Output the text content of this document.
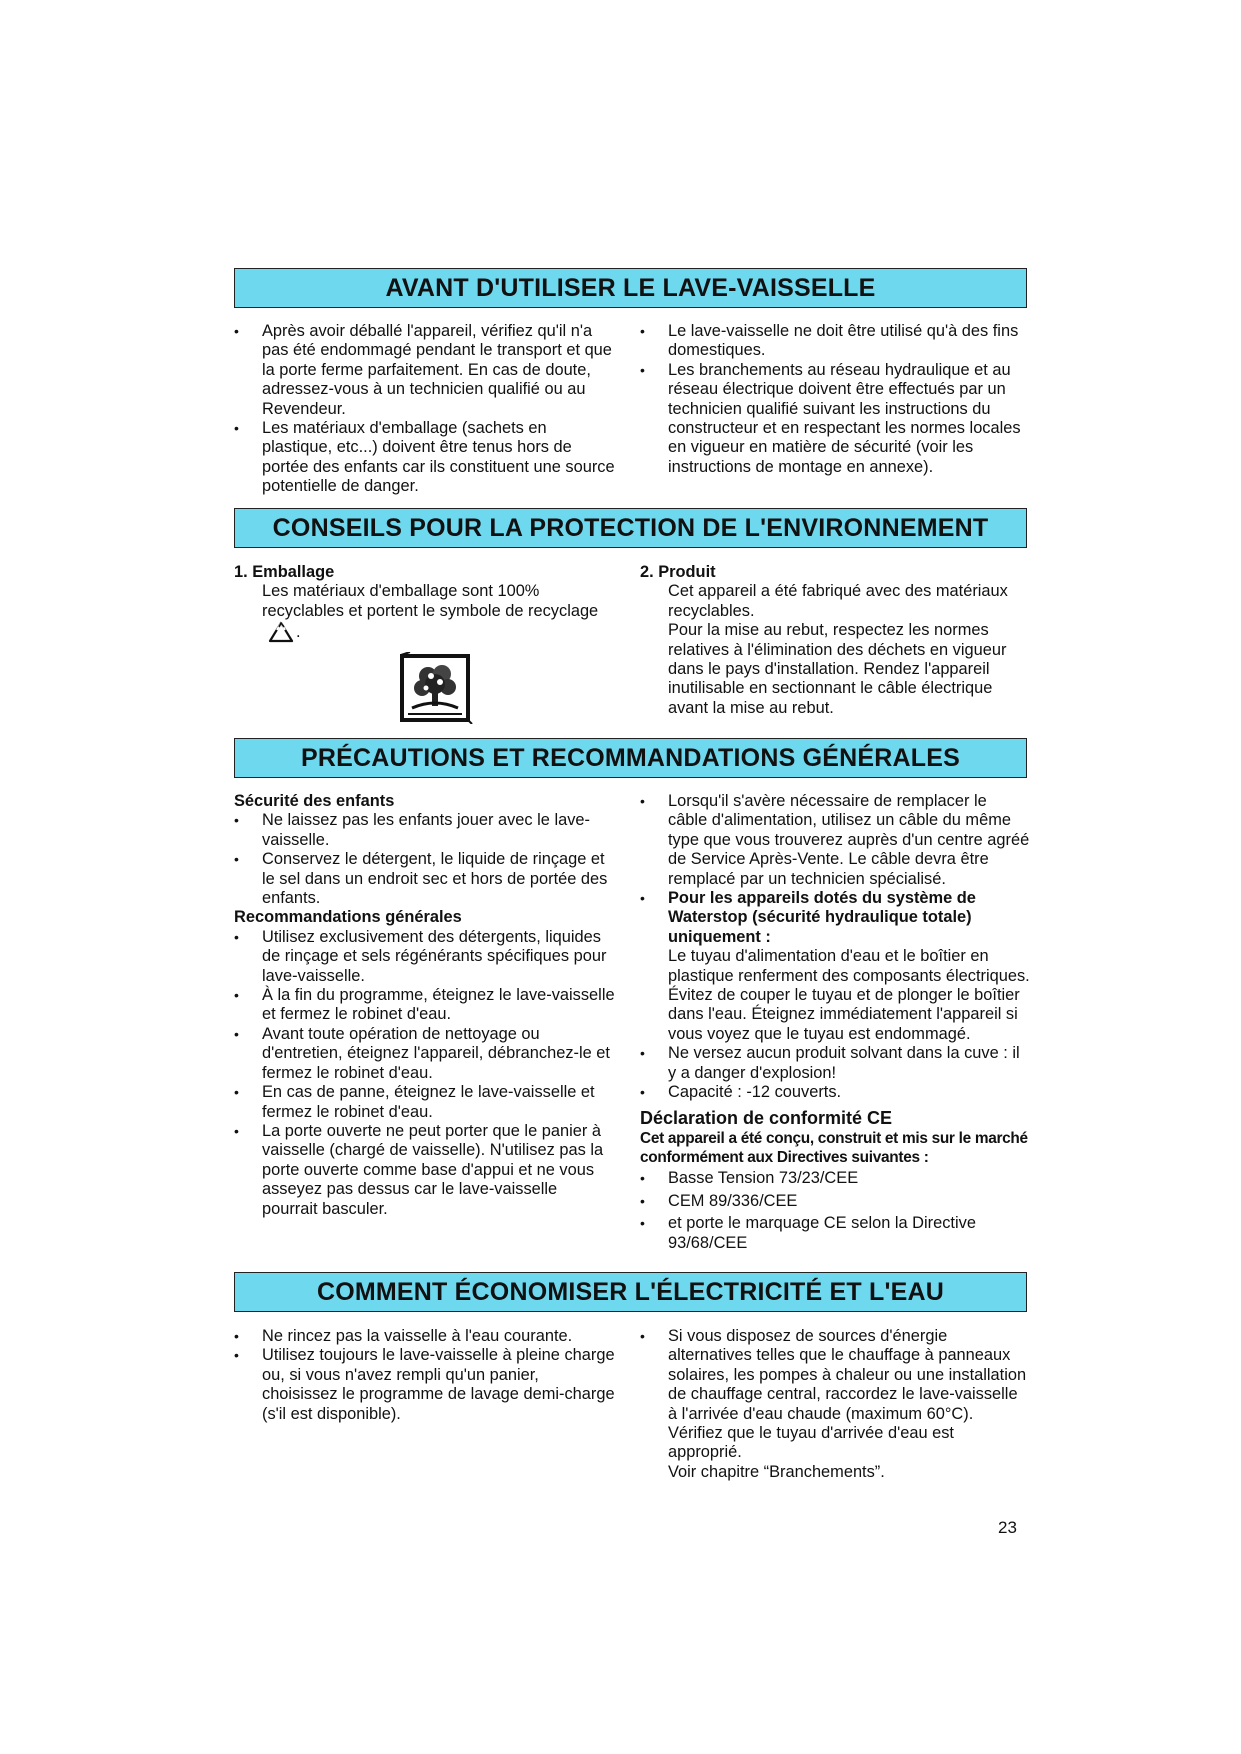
AVANT D'UTILISER LE LAVE-VAISSELLE
• Après avoir déballé l'appareil, vérifiez qu'il n'a pas été endommagé pendant le transport et que la porte ferme parfaitement. En cas de doute, adressez-vous à un technicien qualifié ou au Revendeur.
• Les matériaux d'emballage (sachets en plastique, etc...) doivent être tenus hors de portée des enfants car ils constituent une source potentielle de danger.
• Le lave-vaisselle ne doit être utilisé qu'à des fins domestiques.
• Les branchements au réseau hydraulique et au réseau électrique doivent être effectués par un technicien qualifié suivant les instructions du constructeur et en respectant les normes locales en vigueur en matière de sécurité (voir les instructions de montage en annexe).
CONSEILS POUR LA PROTECTION DE L'ENVIRONNEMENT
1. Emballage
Les matériaux d'emballage sont 100% recyclables et portent le symbole de recyclage .
2. Produit
Cet appareil a été fabriqué avec des matériaux recyclables.
Pour la mise au rebut, respectez les normes relatives à l'élimination des déchets en vigueur dans le pays d'installation. Rendez l'appareil inutilisable en sectionnant le câble électrique avant la mise au rebut.
PRÉCAUTIONS ET RECOMMANDATIONS GÉNÉRALES
Sécurité des enfants
• Ne laissez pas les enfants jouer avec le lave-vaisselle.
• Conservez le détergent, le liquide de rinçage et le sel dans un endroit sec et hors de portée des enfants.
Recommandations générales
• Utilisez exclusivement des détergents, liquides de rinçage et sels régénérants spécifiques pour lave-vaisselle.
• À la fin du programme, éteignez le lave-vaisselle et fermez le robinet d'eau.
• Avant toute opération de nettoyage ou d'entretien, éteignez l'appareil, débranchez-le et fermez le robinet d'eau.
• En cas de panne, éteignez le lave-vaisselle et fermez le robinet d'eau.
• La porte ouverte ne peut porter que le panier à vaisselle (chargé de vaisselle). N'utilisez pas la porte ouverte comme base d'appui et ne vous asseyez pas dessus car le lave-vaisselle pourrait basculer.
• Lorsqu'il s'avère nécessaire de remplacer le câble d'alimentation, utilisez un câble du même type que vous trouverez auprès d'un centre agréé de Service Après-Vente. Le câble devra être remplacé par un technicien spécialisé.
• Pour les appareils dotés du système de Waterstop (sécurité hydraulique totale) uniquement :
Le tuyau d'alimentation d'eau et le boîtier en plastique renferment des composants électriques. Évitez de couper le tuyau et de plonger le boîtier dans l'eau. Éteignez immédiatement l'appareil si vous voyez que le tuyau est endommagé.
• Ne versez aucun produit solvant dans la cuve : il y a danger d'explosion!
• Capacité : -12 couverts.
Déclaration de conformité CE
Cet appareil a été conçu, construit et mis sur le marché conformément aux Directives suivantes :
• Basse Tension 73/23/CEE
• CEM 89/336/CEE
• et porte le marquage CE selon la Directive 93/68/CEE
COMMENT ÉCONOMISER L'ÉLECTRICITÉ ET L'EAU
• Ne rincez pas la vaisselle à l'eau courante.
• Utilisez toujours le lave-vaisselle à pleine charge ou, si vous n'avez rempli qu'un panier, choisissez le programme de lavage demi-charge (s'il est disponible).
• Si vous disposez de sources d'énergie alternatives telles que le chauffage à panneaux solaires, les pompes à chaleur ou une installation de chauffage central, raccordez le lave-vaisselle à l'arrivée d'eau chaude (maximum 60°C). Vérifiez que le tuyau d'arrivée d'eau est approprié.
Voir chapitre “Branchements”.
23
